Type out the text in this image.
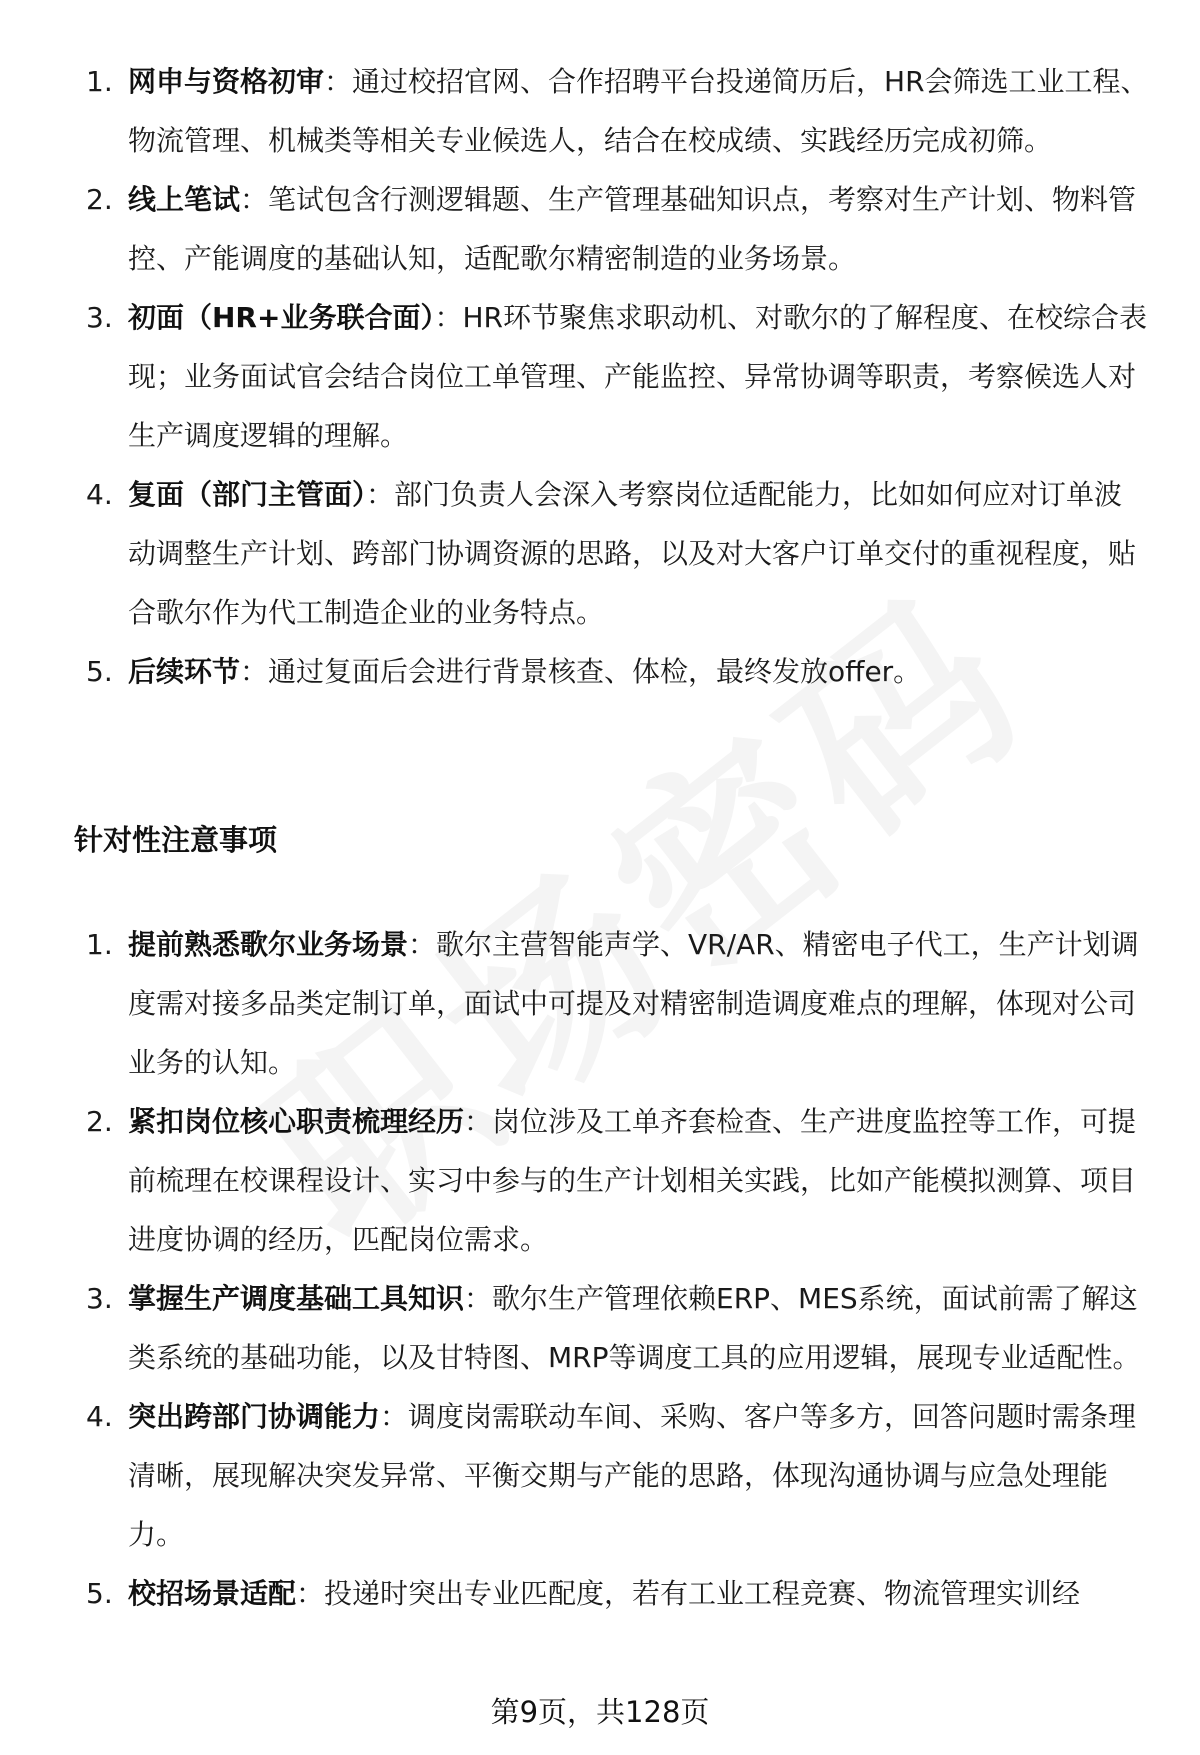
1. 网申与资格初审：通过校招官网、合作招聘平台投递简历后，HR会筛选工业工程、物流管理、机械类等相关专业候选人，结合在校成绩、实践经历完成初筛。
2. 线上笔试：笔试包含行测逻辑题、生产管理基础知识点，考察对生产计划、物料管控、产能调度的基础认知，适配歌尔精密制造的业务场景。
3. 初面（HR+业务联合面）：HR环节聚焦求职动机、对歌尔的了解程度、在校综合表现；业务面试官会结合岗位工单管理、产能监控、异常协调等职责，考察候选人对生产调度逻辑的理解。
4. 复面（部门主管面）：部门负责人会深入考察岗位适配能力，比如如何应对订单波动调整生产计划、跨部门协调资源的思路，以及对大客户订单交付的重视程度，贴合歌尔作为代工制造企业的业务特点。
5. 后续环节：通过复面后会进行背景核查、体检，最终发放offer。
针对性注意事项
1. 提前熟悉歌尔业务场景：歌尔主营智能声学、VR/AR、精密电子代工，生产计划调度需对接多品类定制订单，面试中可提及对精密制造调度难点的理解，体现对公司业务的认知。
2. 紧扣岗位核心职责梳理经历：岗位涉及工单齐套检查、生产进度监控等工作，可提前梳理在校课程设计、实习中参与的生产计划相关实践，比如产能模拟测算、项目进度协调的经历，匹配岗位需求。
3. 掌握生产调度基础工具知识：歌尔生产管理依赖ERP、MES系统，面试前需了解这类系统的基础功能，以及甘特图、MRP等调度工具的应用逻辑，展现专业适配性。
4. 突出跨部门协调能力：调度岗需联动车间、采购、客户等多方，回答问题时需条理清晰，展现解决突发异常、平衡交期与产能的思路，体现沟通协调与应急处理能力。
5. 校招场景适配：投递时突出专业匹配度，若有工业工程竞赛、物流管理实训经
第9页，共128页
